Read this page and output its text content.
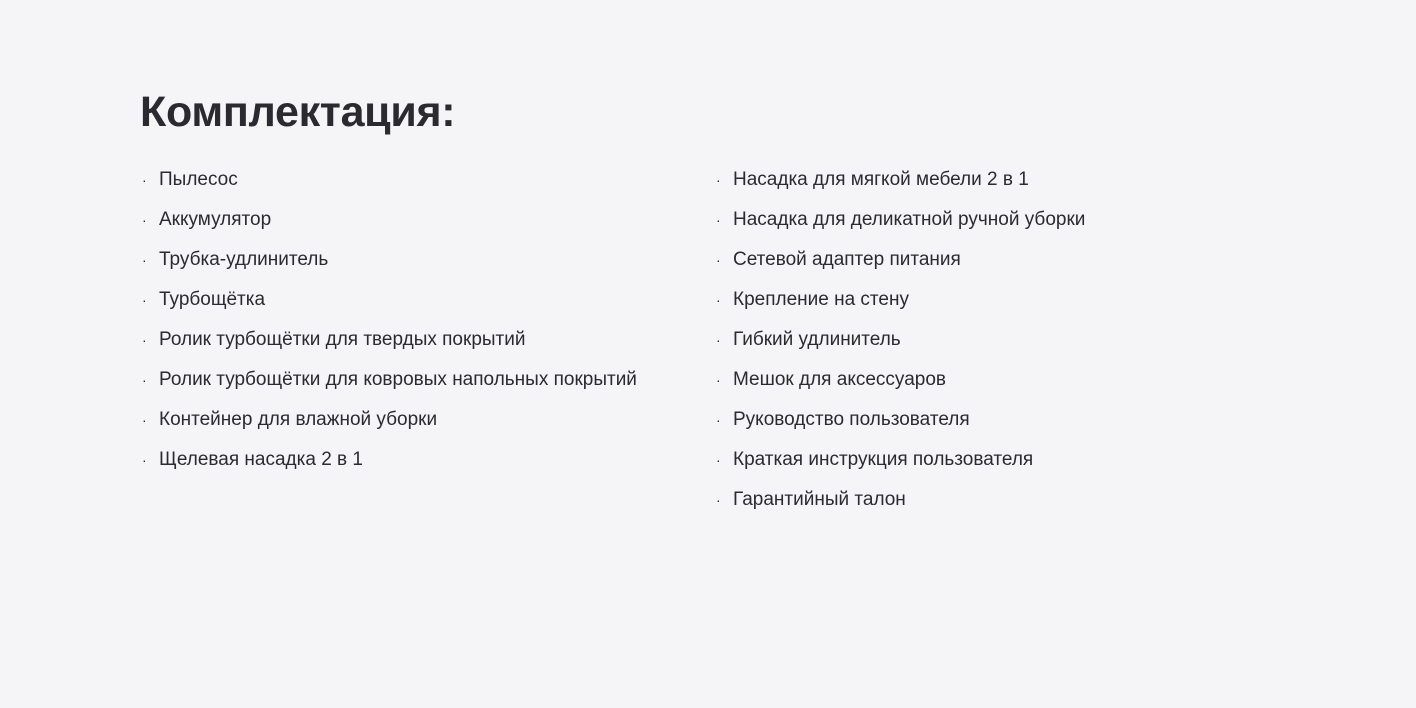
Комплектация:
· Пылесос
· Аккумулятор
· Трубка-удлинитель
· Турбощётка
· Ролик турбощётки для твердых покрытий
· Ролик турбощётки для ковровых напольных покрытий
· Контейнер для влажной уборки
· Щелевая насадка 2 в 1
· Насадка для мягкой мебели 2 в 1
· Насадка для деликатной ручной уборки
· Сетевой адаптер питания
· Крепление на стену
· Гибкий удлинитель
· Мешок для аксессуаров
· Руководство пользователя
· Краткая инструкция пользователя
· Гарантийный талон
